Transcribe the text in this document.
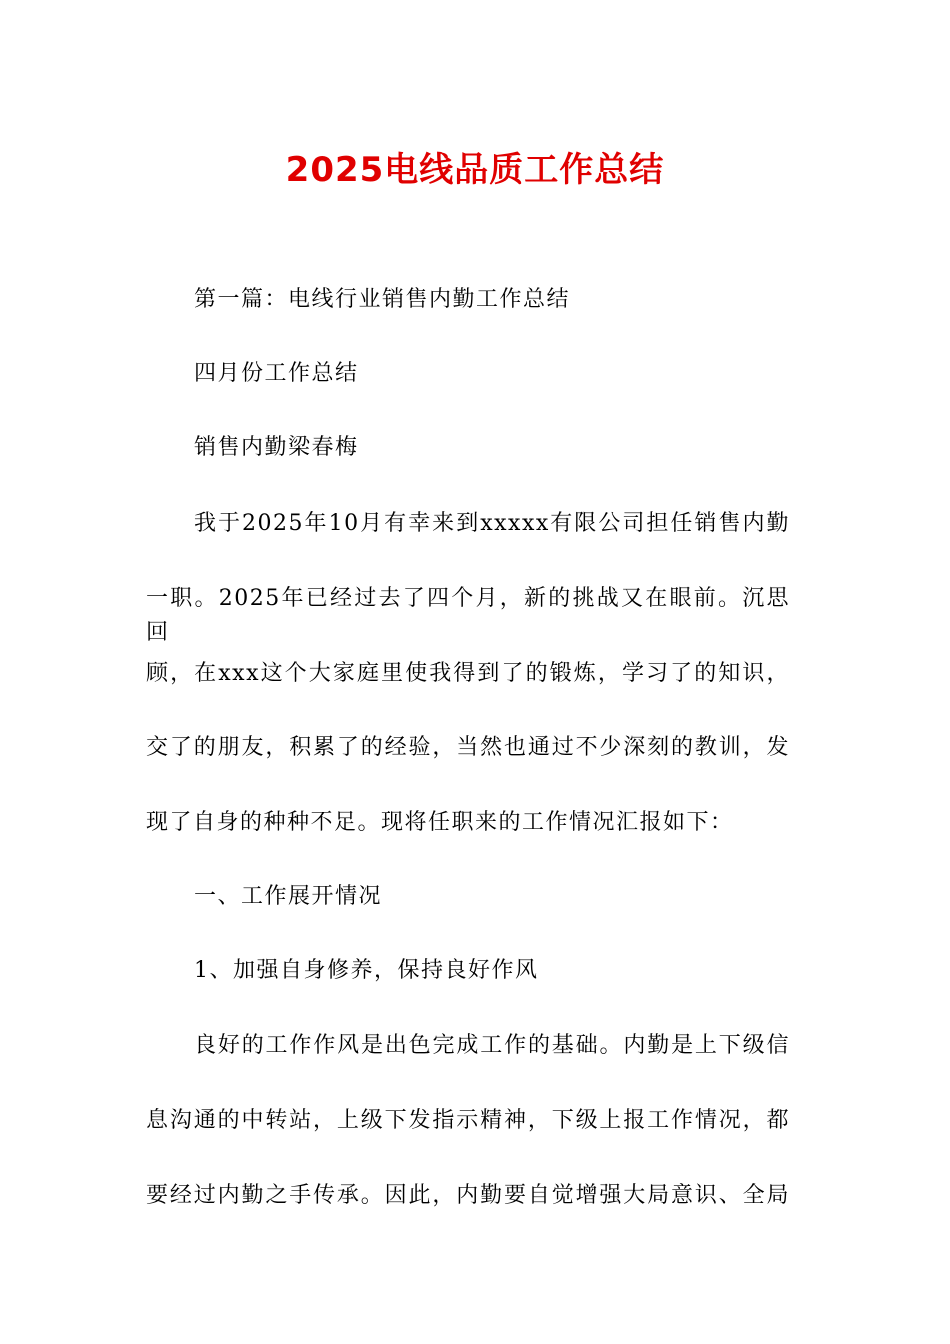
2025电线品质工作总结
第一篇：电线行业销售内勤工作总结
四月份工作总结
销售内勤梁春梅
我于2025年10月有幸来到xxxxx有限公司担任销售内勤
一职。2025年已经过去了四个月，新的挑战又在眼前。沉思回
顾，在xxx这个大家庭里使我得到了的锻炼，学习了的知识，
交了的朋友，积累了的经验，当然也通过不少深刻的教训，发
现了自身的种种不足。现将任职来的工作情况汇报如下：
一、工作展开情况
1、加强自身修养，保持良好作风
良好的工作作风是出色完成工作的基础。内勤是上下级信
息沟通的中转站，上级下发指示精神，下级上报工作情况，都
要经过内勤之手传承。因此，内勤要自觉增强大局意识、全局
